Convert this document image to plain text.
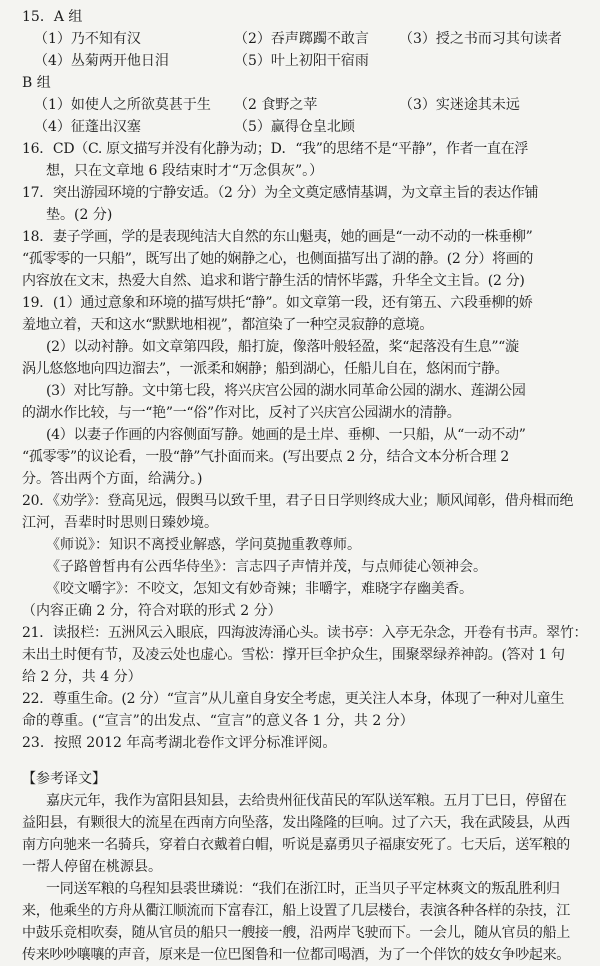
15．A 组
（1）乃不知有汉	（2）吞声踯躅不敢言	（3）授之书而习其句读者
（4）丛菊两开他日泪	（5）叶上初阳干宿雨
B 组
（1）如使人之所欲莫甚于生	（2 食野之苹	（3）实迷途其未远
（4）征蓬出汉塞	（5）赢得仓皇北顾
16．CD（C. 原文描写并没有化静为动；D．“我”的思绪不是“平静”，作者一直在浮
想，只在文章地 6 段结束时才“万念俱灰”。）
17．突出游园环境的宁静安适。（2 分）为全文奠定感情基调，为文章主旨的表达作铺
垫。(2 分)
18．妻子学画，学的是表现纯洁大自然的东山魁夷，她的画是“一动不动的一株垂柳”
“孤零零的一只船”，既写出了她的娴静之心，也侧面描写出了湖的静。(2 分）将画的
内容放在文末，热爱大自然、追求和谐宁静生活的情怀毕露，升华全文主旨。(2 分)
19．(1）通过意象和环境的描写烘托“静”。如文章第一段，还有第五、六段垂柳的娇
羞地立着，天和这水“默默地相视”，都渲染了一种空灵寂静的意境。
(2）以动衬静。如文章第四段，船打旋，像落叶般轻盈，桨“起落没有生息”“漩
涡儿悠悠地向四边溜去”，一派柔和娴静；船到湖心，任船儿自在，悠闲而宁静。
(3）对比写静。文中第七段，将兴庆宫公园的湖水同革命公园的湖水、莲湖公园
的湖水作比较，与一“艳”一“俗”作对比，反衬了兴庆宫公园湖水的清静。
(4）以妻子作画的内容侧面写静。她画的是土岸、垂柳、一只船，从“一动不动”
“孤零零”的议论看，一股“静”气扑面而来。(写出要点 2 分，结合文本分析合理 2
分。答出两个方面，给满分。)
20．《劝学》：登高见远，假舆马以致千里，君子日日学则终成大业；顺风闻彰，借舟楫而绝
江河，吾辈时时思则日臻妙境。
《师说》：知识不离授业解惑，学问莫抛重教尊师。
《子路曾皙冉有公西华侍坐》：言志四子声情并茂，与点师徒心领神会。
《咬文嚼字》：不咬文，怎知文有妙奇辣；非嚼字，难晓字存幽美香。
（内容正确 2 分，符合对联的形式 2 分）
21．读报栏：五洲风云入眼底，四海波涛涌心头。读书亭：入亭无杂念，开卷有书声。翠竹：
未出土时便有节，及凌云处也虚心。雪松：撑开巨伞护众生，围聚翠绿养神韵。(答对 1 句
给 2 分，共 4 分）
22．尊重生命。(2 分）“宣言”从儿童自身安全考虑，更关注人本身，体现了一种对儿童生
命的尊重。(“宣言”的出发点、“宣言”的意义各 1 分，共 2 分）
23．按照 2012 年高考湖北卷作文评分标准评阅。
【参考译文】
嘉庆元年，我作为富阳县知县，去给贵州征伐苗民的军队送军粮。五月丁巳日，停留在
益阳县，有颗很大的流星在西南方向坠落，发出隆隆的巨响。过了六天，我在武陵县，从西
南方向驰来一名骑兵，穿着白衣戴着白帽，听说是嘉勇贝子福康安死了。七天后，送军粮的
一帮人停留在桃源县。
一同送军粮的乌程知县裘世璘说：“我们在浙江时，正当贝子平定林爽文的叛乱胜利归
来，他乘坐的方舟从衢江顺流而下富春江，船上设置了几层楼台，表演各种各样的杂技，江
中鼓乐竞相吹奏，随从官员的船只一艘接一艘，沿两岸飞驶而下。一会儿，随从官员的船上
传来吵吵嚷嚷的声音，原来是一位巴图鲁和一位都司喝酒，为了一个伴饮的妓女争吵起来。
